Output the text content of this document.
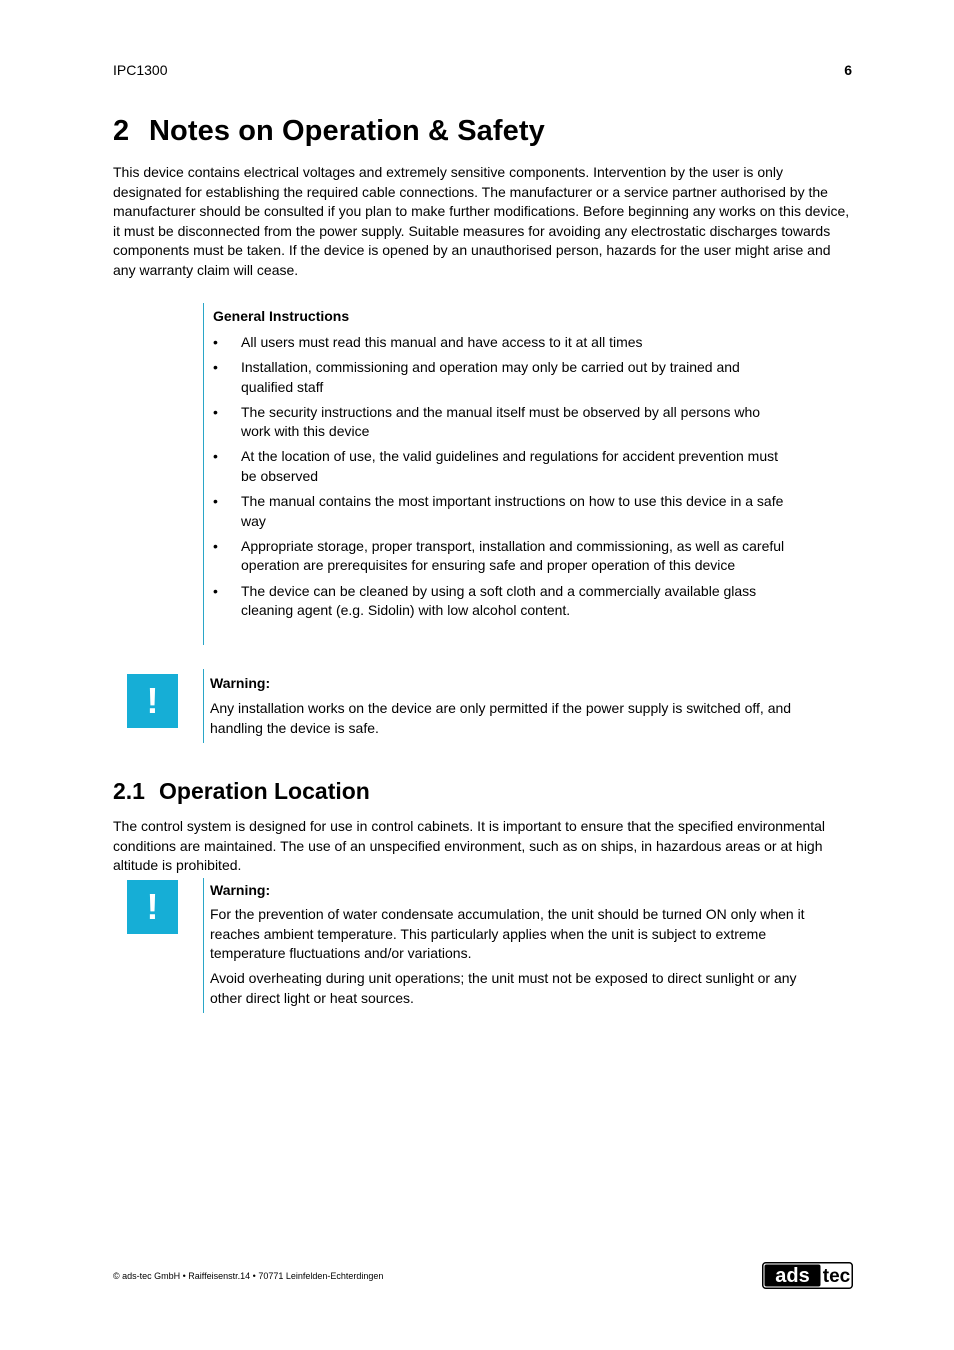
IPC1300	6
2 Notes on Operation & Safety

This device contains electrical voltages and extremely sensitive components. Intervention by the user is only designated for establishing the required cable connections. The manufacturer or a service partner authorised by the manufacturer should be consulted if you plan to make further modifications. Before beginning any works on this device, it must be disconnected from the power supply. Suitable measures for avoiding any electrostatic discharges towards components must be taken. If the device is opened by an unauthorised person, hazards for the user might arise and any warranty claim will cease.

General Instructions
• All users must read this manual and have access to it at all times
• Installation, commissioning and operation may only be carried out by trained and qualified staff
• The security instructions and the manual itself must be observed by all persons who work with this device
• At the location of use, the valid guidelines and regulations for accident prevention must be observed
• The manual contains the most important instructions on how to use this device in a safe way
• Appropriate storage, proper transport, installation and commissioning, as well as careful operation are prerequisites for ensuring safe and proper operation of this device
• The device can be cleaned by using a soft cloth and a commercially available glass cleaning agent (e.g. Sidolin) with low alcohol content.
!	Warning:
Any installation works on the device are only permitted if the power supply is switched off, and handling the device is safe.
2.1 Operation Location

The control system is designed for use in control cabinets. It is important to ensure that the specified environmental conditions are maintained. The use of an unspecified environment, such as on ships, in hazardous areas or at high altitude is prohibited.

!	Warning:
For the prevention of water condensate accumulation, the unit should be turned ON only when it reaches ambient temperature. This particularly applies when the unit is subject to extreme temperature fluctuations and/or variations.
Avoid overheating during unit operations; the unit must not be exposed to direct sunlight or any other direct light or heat sources.
© ads-tec GmbH • Raiffeisenstr.14 • 70771 Leinfelden-Echterdingen	ads tec
